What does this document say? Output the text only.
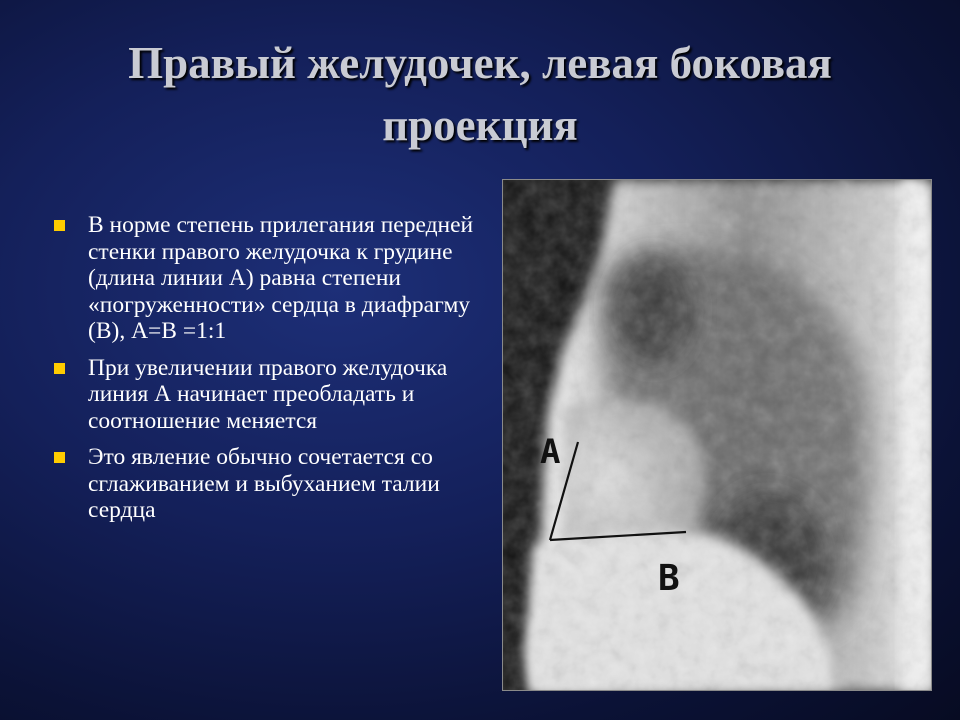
Правый желудочек, левая боковая
проекция
В норме степень прилегания передней стенки правого желудочка к грудине (длина линии А) равна степени «погруженности» сердца в диафрагму (В), А=В =1:1
При увеличении правого желудочка линия А начинает преобладать и соотношение меняется
Это явление обычно сочетается со сглаживанием и выбуханием талии сердца
A
B
